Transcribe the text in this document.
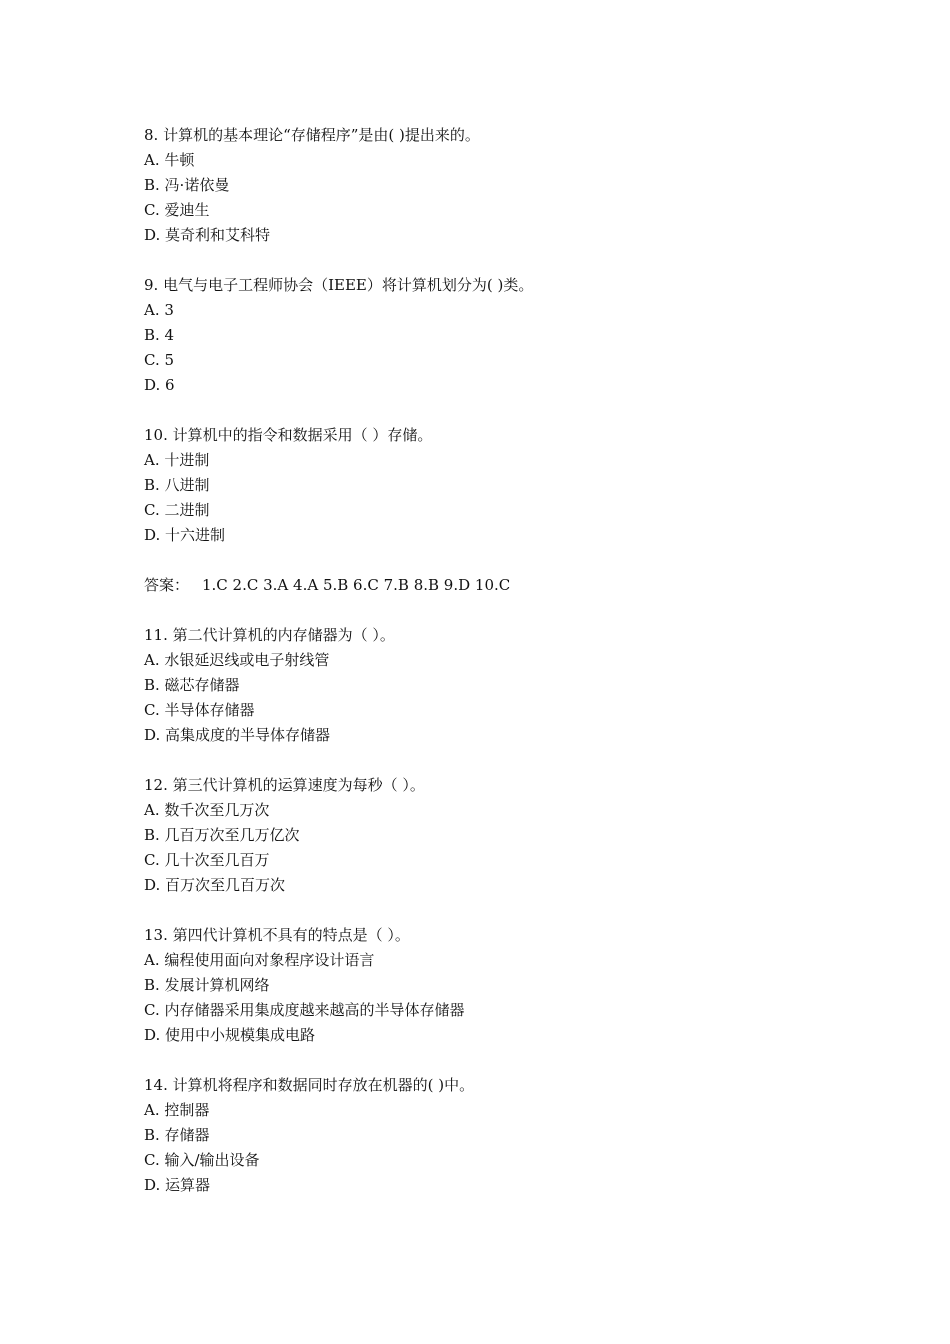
8. 计算机的基本理论“存储程序”是由( )提出来的。
A. 牛顿
B. 冯·诺依曼
C. 爱迪生
D. 莫奇利和艾科特
9. 电气与电子工程师协会（IEEE）将计算机划分为( )类。
A. 3
B. 4
C. 5
D. 6
10. 计算机中的指令和数据采用（ ）存储。
A. 十进制
B. 八进制
C. 二进制
D. 十六进制
答案： 1.C 2.C 3.A 4.A 5.B 6.C 7.B 8.B 9.D 10.C
11. 第二代计算机的内存储器为（ ）。
A. 水银延迟线或电子射线管
B. 磁芯存储器
C. 半导体存储器
D. 高集成度的半导体存储器
12. 第三代计算机的运算速度为每秒（ ）。
A. 数千次至几万次
B. 几百万次至几万亿次
C. 几十次至几百万
D. 百万次至几百万次
13. 第四代计算机不具有的特点是（ ）。
A. 编程使用面向对象程序设计语言
B. 发展计算机网络
C. 内存储器采用集成度越来越高的半导体存储器
D. 使用中小规模集成电路
14. 计算机将程序和数据同时存放在机器的( )中。
A. 控制器
B. 存储器
C. 输入/输出设备
D. 运算器
